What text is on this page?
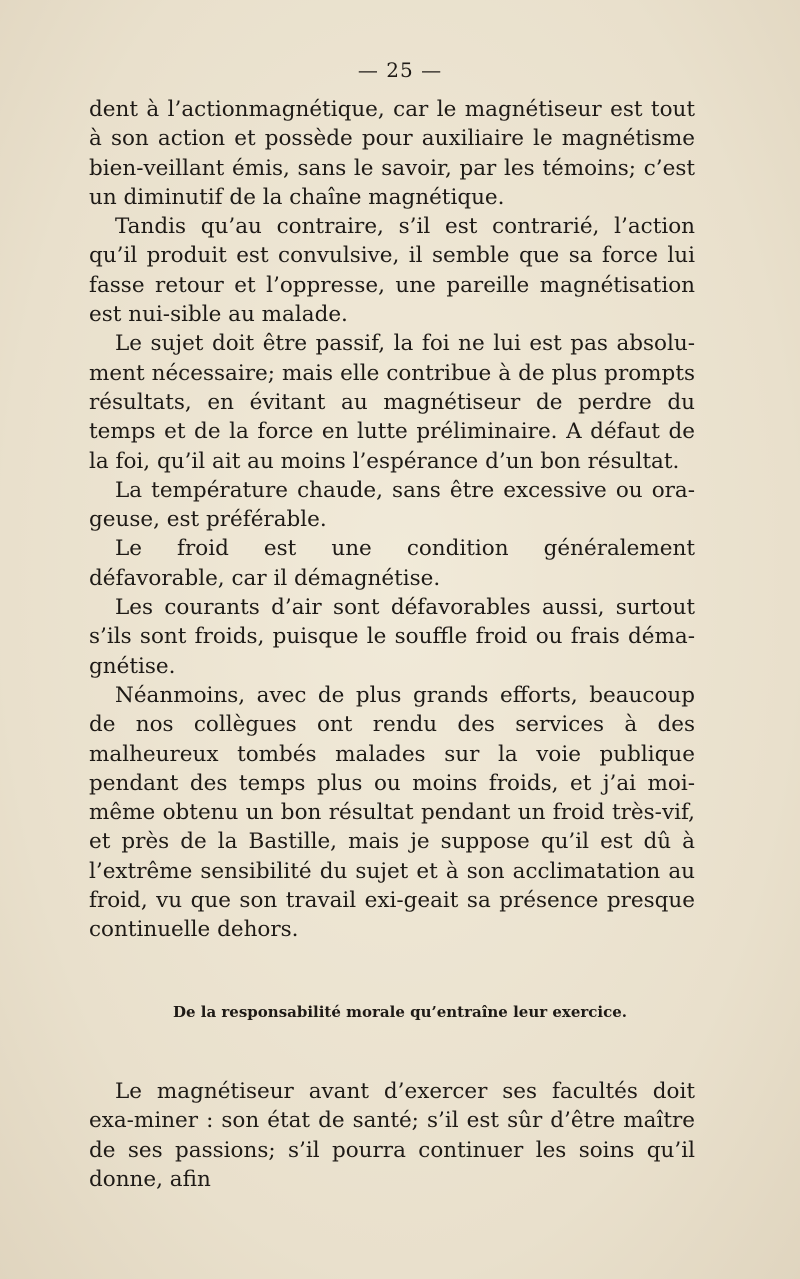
— 25 —

dent à l’actionmagnétique, car le magnétiseur est tout à son action et possède pour auxiliaire le magnétisme bien-veillant émis, sans le savoir, par les témoins; c’est un diminutif de la chaîne magnétique.

Tandis qu’au contraire, s’il est contrarié, l’action qu’il produit est convulsive, il semble que sa force lui fasse retour et l’oppresse, une pareille magnétisation est nui-sible au malade.

Le sujet doit être passif, la foi ne lui est pas absolu-ment nécessaire; mais elle contribue à de plus prompts résultats, en évitant au magnétiseur de perdre du temps et de la force en lutte préliminaire. A défaut de la foi, qu’il ait au moins l’espérance d’un bon résultat.

La température chaude, sans être excessive ou ora-geuse, est préférable.

Le froid est une condition généralement défavorable, car il démagnétise.

Les courants d’air sont défavorables aussi, surtout s’ils sont froids, puisque le souffle froid ou frais déma-gnétise.

Néanmoins, avec de plus grands efforts, beaucoup de nos collègues ont rendu des services à des malheureux tombés malades sur la voie publique pendant des temps plus ou moins froids, et j’ai moi-même obtenu un bon résultat pendant un froid très-vif, et près de la Bastille, mais je suppose qu’il est dû à l’extrême sensibilité du sujet et à son acclimatation au froid, vu que son travail exi-geait sa présence presque continuelle dehors.

De la responsabilité morale qu’entraîne leur exercice.

Le magnétiseur avant d’exercer ses facultés doit exa-miner : son état de santé; s’il est sûr d’être maître de ses passions; s’il pourra continuer les soins qu’il donne, afin
